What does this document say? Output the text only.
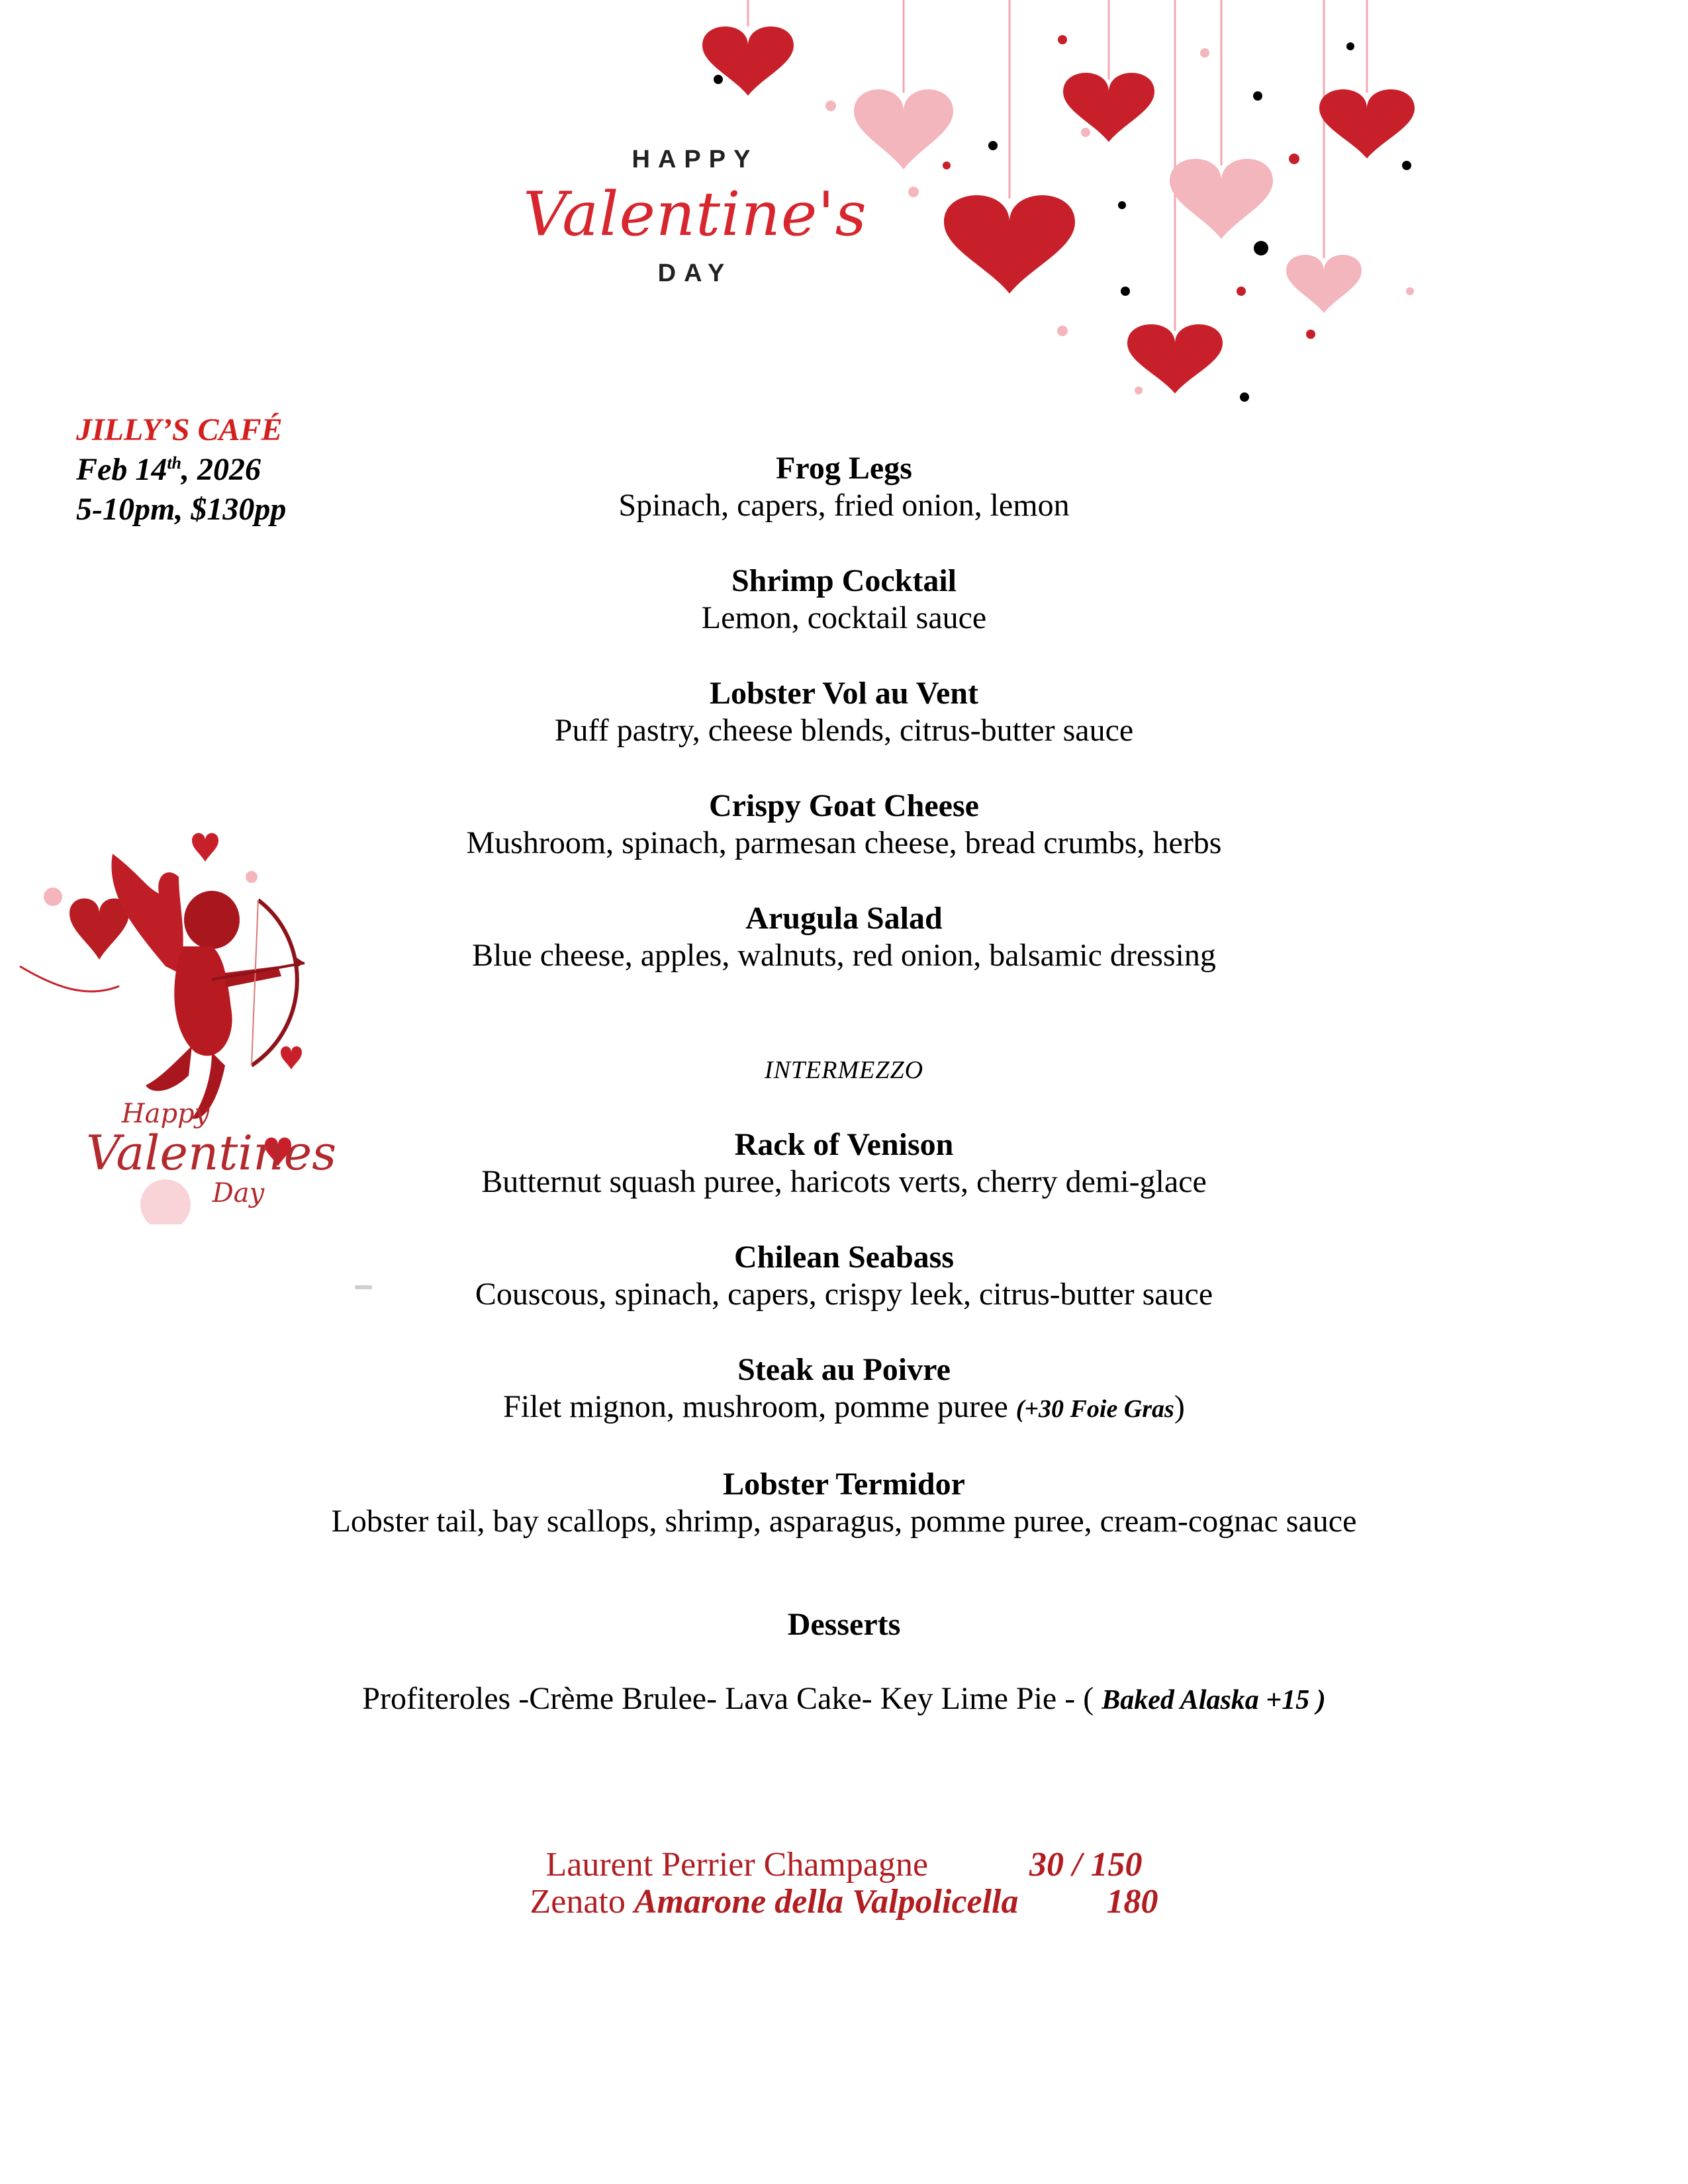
HAPPY
Valentine's
DAY
JILLY’S CAFÉ
Feb 14th, 2026
5-10pm, $130pp
Frog Legs
Spinach, capers, fried onion, lemon
Shrimp Cocktail
Lemon, cocktail sauce
Lobster Vol au Vent
Puff pastry, cheese blends, citrus-butter sauce
Crispy Goat Cheese
Mushroom, spinach, parmesan cheese, bread crumbs, herbs
Arugula Salad
Blue cheese, apples, walnuts, red onion, balsamic dressing
INTERMEZZO
Rack of Venison
Butternut squash puree, haricots verts, cherry demi-glace
Chilean Seabass
Couscous, spinach, capers, crispy leek, citrus-butter sauce
Steak au Poivre
Filet mignon, mushroom, pomme puree (+30 Foie Gras)
Lobster Termidor
Lobster tail, bay scallops, shrimp, asparagus, pomme puree, cream-cognac sauce
Desserts
Profiteroles -Crème Brulee- Lava Cake- Key Lime Pie - ( Baked Alaska +15 )
Laurent Perrier Champagne	30 / 150
Zenato Amarone della Valpolicella	180
Happy
Valentines
Day
